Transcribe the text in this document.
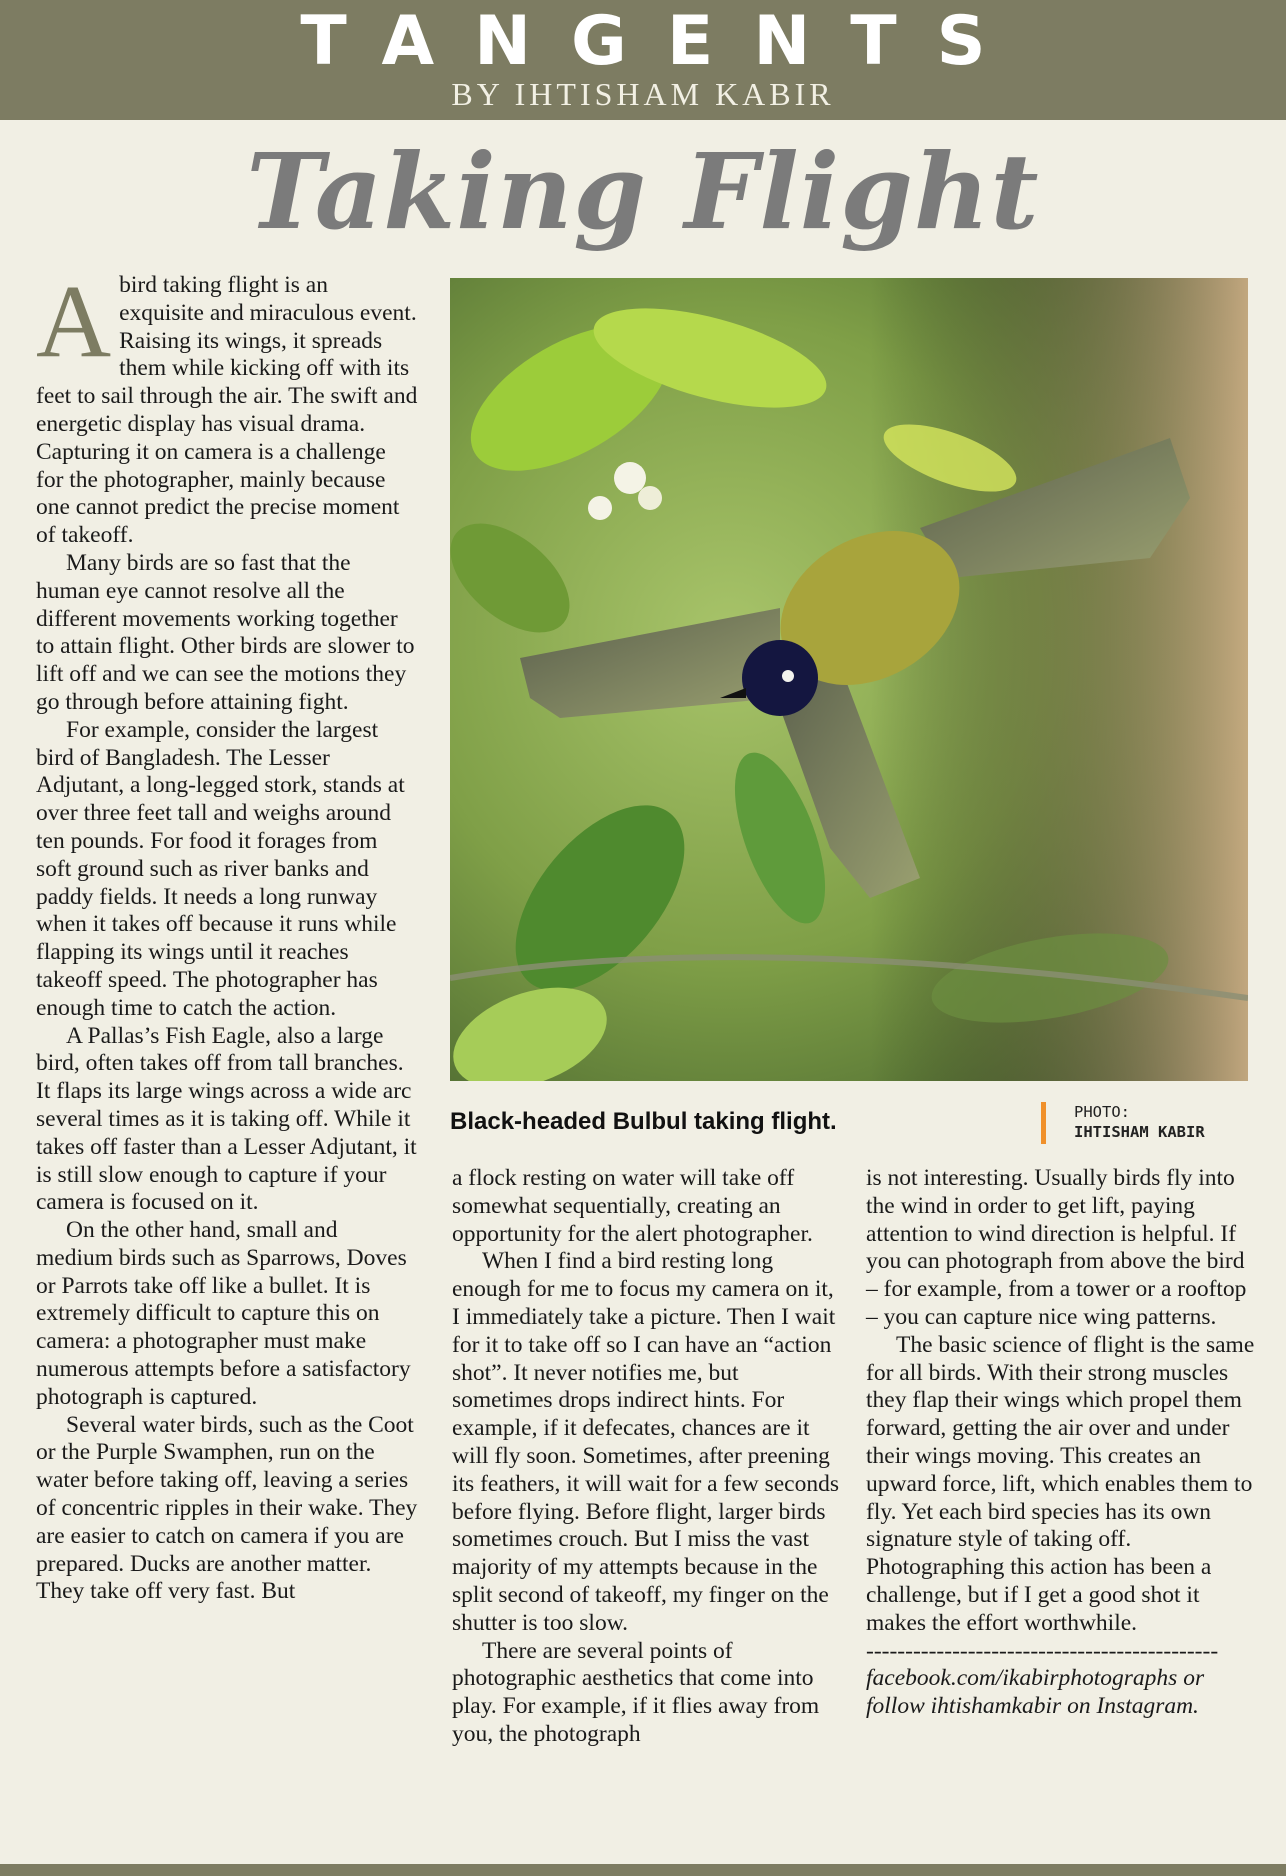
TANGENTS
BY IHTISHAM KABIR
Taking Flight

Abird taking flight is an exquisite and miraculous event. Raising its wings, it spreads them while kicking off with its feet to sail through the air. The swift and energetic display has visual drama. Capturing it on camera is a challenge for the photographer, mainly because one cannot predict the precise moment of takeoff.

Many birds are so fast that the human eye cannot resolve all the different movements working together to attain flight. Other birds are slower to lift off and we can see the motions they go through before attaining fight.

For example, consider the largest bird of Bangladesh. The Lesser Adjutant, a long-legged stork, stands at over three feet tall and weighs around ten pounds. For food it forages from soft ground such as river banks and paddy fields. It needs a long runway when it takes off because it runs while flapping its wings until it reaches takeoff speed. The photographer has enough time to catch the action.

A Pallas’s Fish Eagle, also a large bird, often takes off from tall branches. It flaps its large wings across a wide arc several times as it is taking off. While it takes off faster than a Lesser Adjutant, it is still slow enough to capture if your camera is focused on it.

On the other hand, small and medium birds such as Sparrows, Doves or Parrots take off like a bullet. It is extremely difficult to capture this on camera: a photographer must make numerous attempts before a satisfactory photograph is captured.

Several water birds, such as the Coot or the Purple Swamphen, run on the water before taking off, leaving a series of concentric ripples in their wake. They are easier to catch on camera if you are prepared. Ducks are another matter. They take off very fast. But

Black-headed Bulbul taking flight.	PHOTO:
IHTISHAM KABIR

a flock resting on water will take off somewhat sequentially, creating an opportunity for the alert photographer.

When I find a bird resting long enough for me to focus my camera on it, I immediately take a picture. Then I wait for it to take off so I can have an “action shot”. It never notifies me, but sometimes drops indirect hints. For example, if it defecates, chances are it will fly soon. Sometimes, after preening its feathers, it will wait for a few seconds before flying. Before flight, larger birds sometimes crouch. But I miss the vast majority of my attempts because in the split second of takeoff, my finger on the shutter is too slow.

There are several points of photographic aesthetics that come into play. For example, if it flies away from you, the photograph

is not interesting. Usually birds fly into the wind in order to get lift, paying attention to wind direction is helpful. If you can photograph from above the bird – for example, from a tower or a rooftop – you can capture nice wing patterns.

The basic science of flight is the same for all birds. With their strong muscles they flap their wings which propel them forward, getting the air over and under their wings moving. This creates an upward force, lift, which enables them to fly. Yet each bird species has its own signature style of taking off. Photographing this action has been a challenge, but if I get a good shot it makes the effort worthwhile.

---------------------------------------------

facebook.com/ikabirphotographs or follow ihtishamkabir on Instagram.
